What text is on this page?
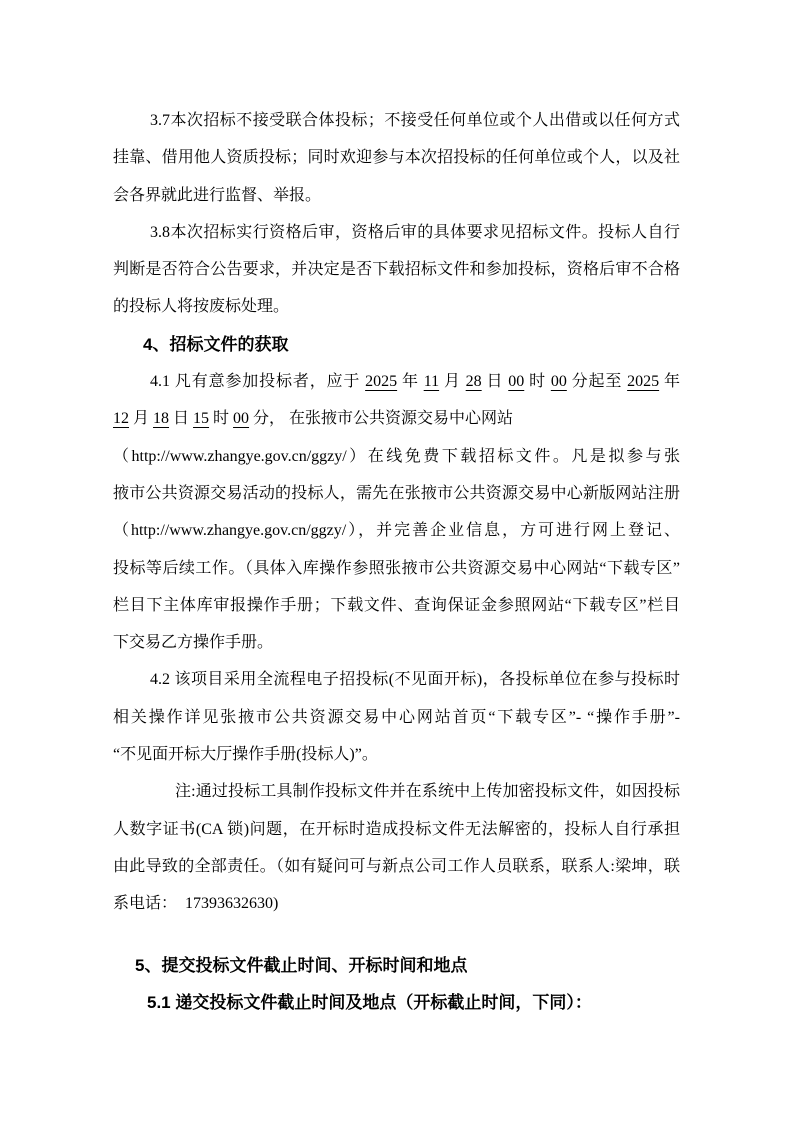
3.7本次招标不接受联合体投标；不接受任何单位或个人出借或以任何方式
挂靠、借用他人资质投标；同时欢迎参与本次招投标的任何单位或个人，以及社
会各界就此进行监督、举报。
3.8本次招标实行资格后审，资格后审的具体要求见招标文件。投标人自行
判断是否符合公告要求，并决定是否下载招标文件和参加投标，资格后审不合格
的投标人将按废标处理。
4、招标文件的获取
4.1 凡有意参加投标者，应于 2025 年 11 月 28 日 00 时 00 分起至 2025 年
12 月 18 日 15 时 00 分， 在张掖市公共资源交易中心网站
（http://www.zhangye.gov.cn/ggzy/）在线免费下载招标文件。凡是拟参与张
掖市公共资源交易活动的投标人，需先在张掖市公共资源交易中心新版网站注册
（http://www.zhangye.gov.cn/ggzy/），并完善企业信息，方可进行网上登记、
投标等后续工作。（具体入库操作参照张掖市公共资源交易中心网站“下载专区”
栏目下主体库审报操作手册；下载文件、查询保证金参照网站“下载专区”栏目
下交易乙方操作手册。
4.2 该项目采用全流程电子招投标(不见面开标)，各投标单位在参与投标时
相关操作详见张掖市公共资源交易中心网站首页“下载专区”- “操作手册”-
“不见面开标大厅操作手册(投标人)”。
注:通过投标工具制作投标文件并在系统中上传加密投标文件，如因投标
人数字证书(CA 锁)问题，在开标时造成投标文件无法解密的，投标人自行承担
由此导致的全部责任。（如有疑问可与新点公司工作人员联系，联系人:梁坤，联
系电话：  17393632630)
5、提交投标文件截止时间、开标时间和地点
5.1 递交投标文件截止时间及地点（开标截止时间，下同）：
